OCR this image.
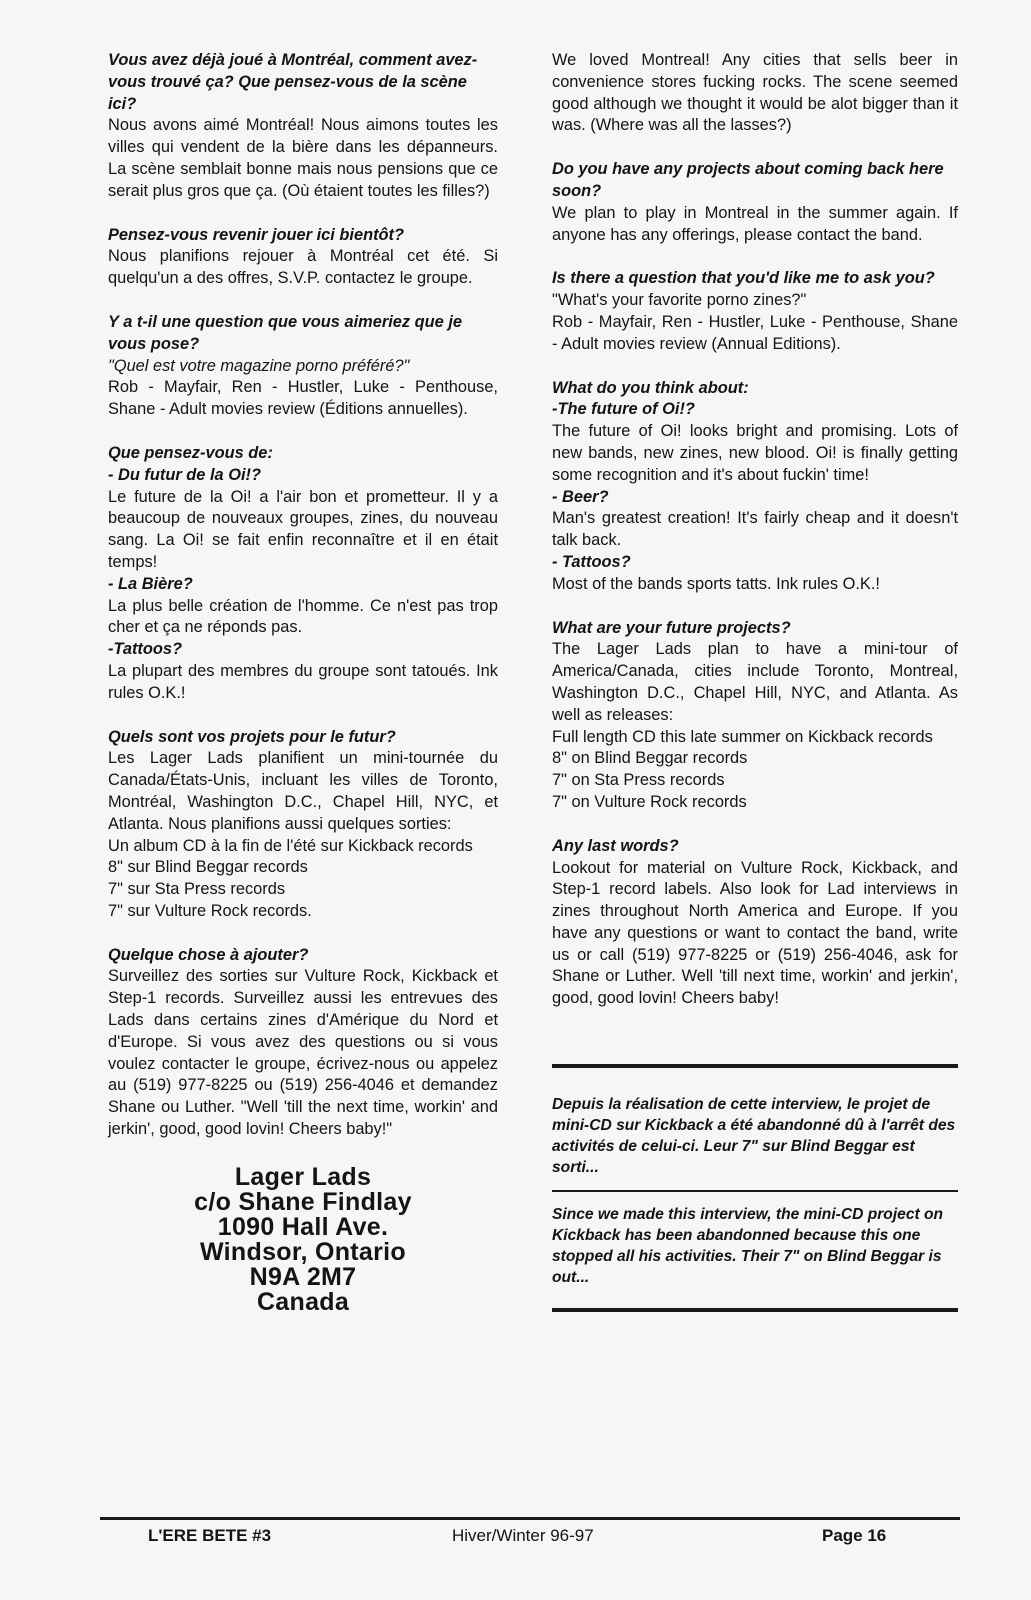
Vous avez déjà joué à Montréal, comment avez-vous trouvé ça? Que pensez-vous de la scène ici?

Nous avons aimé Montréal! Nous aimons toutes les villes qui vendent de la bière dans les dépanneurs. La scène semblait bonne mais nous pensions que ce serait plus gros que ça. (Où étaient toutes les filles?)

Pensez-vous revenir jouer ici bientôt?

Nous planifions rejouer à Montréal cet été. Si quelqu'un a des offres, S.V.P. contactez le groupe.

Y a t-il une question que vous aimeriez que je vous pose?

"Quel est votre magazine porno préféré?"

Rob - Mayfair, Ren - Hustler, Luke - Penthouse, Shane - Adult movies review (Éditions annuelles).

Que pensez-vous de:

- Du futur de la Oi!?

Le future de la Oi! a l'air bon et prometteur. Il y a beaucoup de nouveaux groupes, zines, du nouveau sang. La Oi! se fait enfin reconnaître et il en était temps!

- La Bière?

La plus belle création de l'homme. Ce n'est pas trop cher et ça ne réponds pas.

-Tattoos?

La plupart des membres du groupe sont tatoués. Ink rules O.K.!

Quels sont vos projets pour le futur?

Les Lager Lads planifient un mini-tournée du Canada/États-Unis, incluant les villes de Toronto, Montréal, Washington D.C., Chapel Hill, NYC, et Atlanta. Nous planifions aussi quelques sorties:

Un album CD à la fin de l'été sur Kickback records

8" sur Blind Beggar records

7" sur Sta Press records

7" sur Vulture Rock records.

Quelque chose à ajouter?

Surveillez des sorties sur Vulture Rock, Kickback et Step-1 records. Surveillez aussi les entrevues des Lads dans certains zines d'Amérique du Nord et d'Europe. Si vous avez des questions ou si vous voulez contacter le groupe, écrivez-nous ou appelez au (519) 977-8225 ou (519) 256-4046 et demandez Shane ou Luther. "Well 'till the next time, workin' and jerkin', good, good lovin! Cheers baby!"

Lager Lads
c/o Shane Findlay
1090 Hall Ave.
Windsor, Ontario
N9A 2M7
Canada

We loved Montreal! Any cities that sells beer in convenience stores fucking rocks. The scene seemed good although we thought it would be alot bigger than it was. (Where was all the lasses?)

Do you have any projects about coming back here soon?

We plan to play in Montreal in the summer again. If anyone has any offerings, please contact the band.

Is there a question that you'd like me to ask you?

"What's your favorite porno zines?"

Rob - Mayfair, Ren - Hustler, Luke - Penthouse, Shane - Adult movies review (Annual Editions).

What do you think about:

-The future of Oi!?

The future of Oi! looks bright and promising. Lots of new bands, new zines, new blood. Oi! is finally getting some recognition and it's about fuckin' time!

- Beer?

Man's greatest creation! It's fairly cheap and it doesn't talk back.

- Tattoos?

Most of the bands sports tatts. Ink rules O.K.!

What are your future projects?

The Lager Lads plan to have a mini-tour of America/Canada, cities include Toronto, Montreal, Washington D.C., Chapel Hill, NYC, and Atlanta. As well as releases:

Full length CD this late summer on Kickback records

8" on Blind Beggar records

7" on Sta Press records

7" on Vulture Rock records

Any last words?

Lookout for material on Vulture Rock, Kickback, and Step-1 record labels. Also look for Lad interviews in zines throughout North America and Europe. If you have any questions or want to contact the band, write us or call (519) 977-8225 or (519) 256-4046, ask for Shane or Luther. Well 'till next time, workin' and jerkin', good, good lovin! Cheers baby!

Depuis la réalisation de cette interview, le projet de mini-CD sur Kickback a été abandonné dû à l'arrêt des activités de celui-ci. Leur 7" sur Blind Beggar est sorti...

Since we made this interview, the mini-CD project on Kickback has been abandonned because this one stopped all his activities. Their 7" on Blind Beggar is out...

L'ERE BETE #3	Hiver/Winter 96-97	Page 16
